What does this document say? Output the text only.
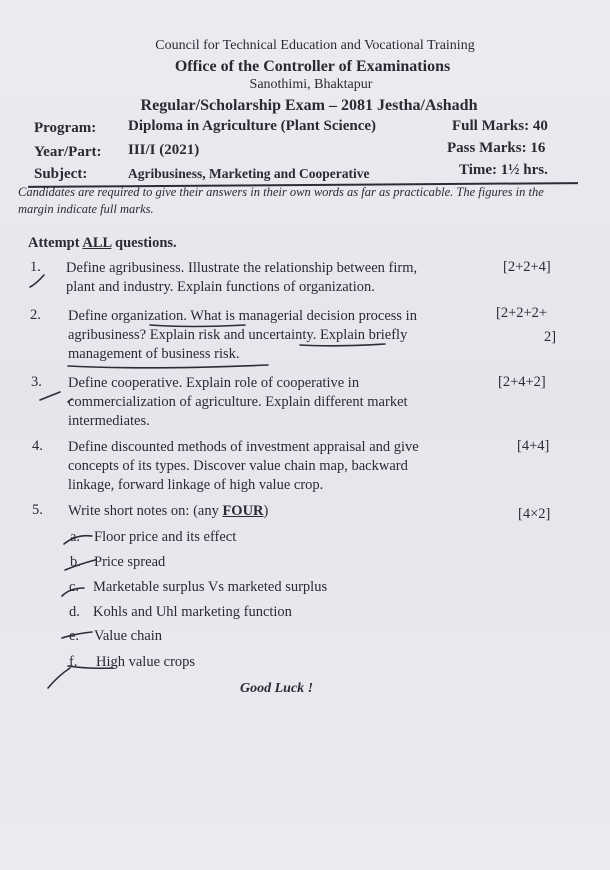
Council for Technical Education and Vocational Training
Office of the Controller of Examinations
Sanothimi, Bhaktapur
Regular/Scholarship Exam – 2081 Jestha/Ashadh
Program: Diploma in Agriculture (Plant Science)	Full Marks: 40
Year/Part: III/I (2021)	Pass Marks: 16
Subject:	Agribusiness, Marketing and Cooperative	Time: 1½ hrs.
Candidates are required to give their answers in their own words as far as practicable. The figures in the margin indicate full marks.
Attempt ALL questions.
1. Define agribusiness. Illustrate the relationship between firm,
plant and industry. Explain functions of organization.
[2+2+4]
2. Define organization. What is managerial decision process in
agribusiness? Explain risk and uncertainty. Explain briefly
management of business risk.
[2+2+2+
2]
3. Define cooperative. Explain role of cooperative in
commercialization of agriculture. Explain different market
intermediates.
[2+4+2]
4. Define discounted methods of investment appraisal and give
concepts of its types. Discover value chain map, backward
linkage, forward linkage of high value crop.
[4+4]
5. Write short notes on: (any FOUR)	[4×2]
a. Floor price and its effect
b. Price spread
c. Marketable surplus Vs marketed surplus
d. Kohls and Uhl marketing function
e. Value chain
f. High value crops
Good Luck !
